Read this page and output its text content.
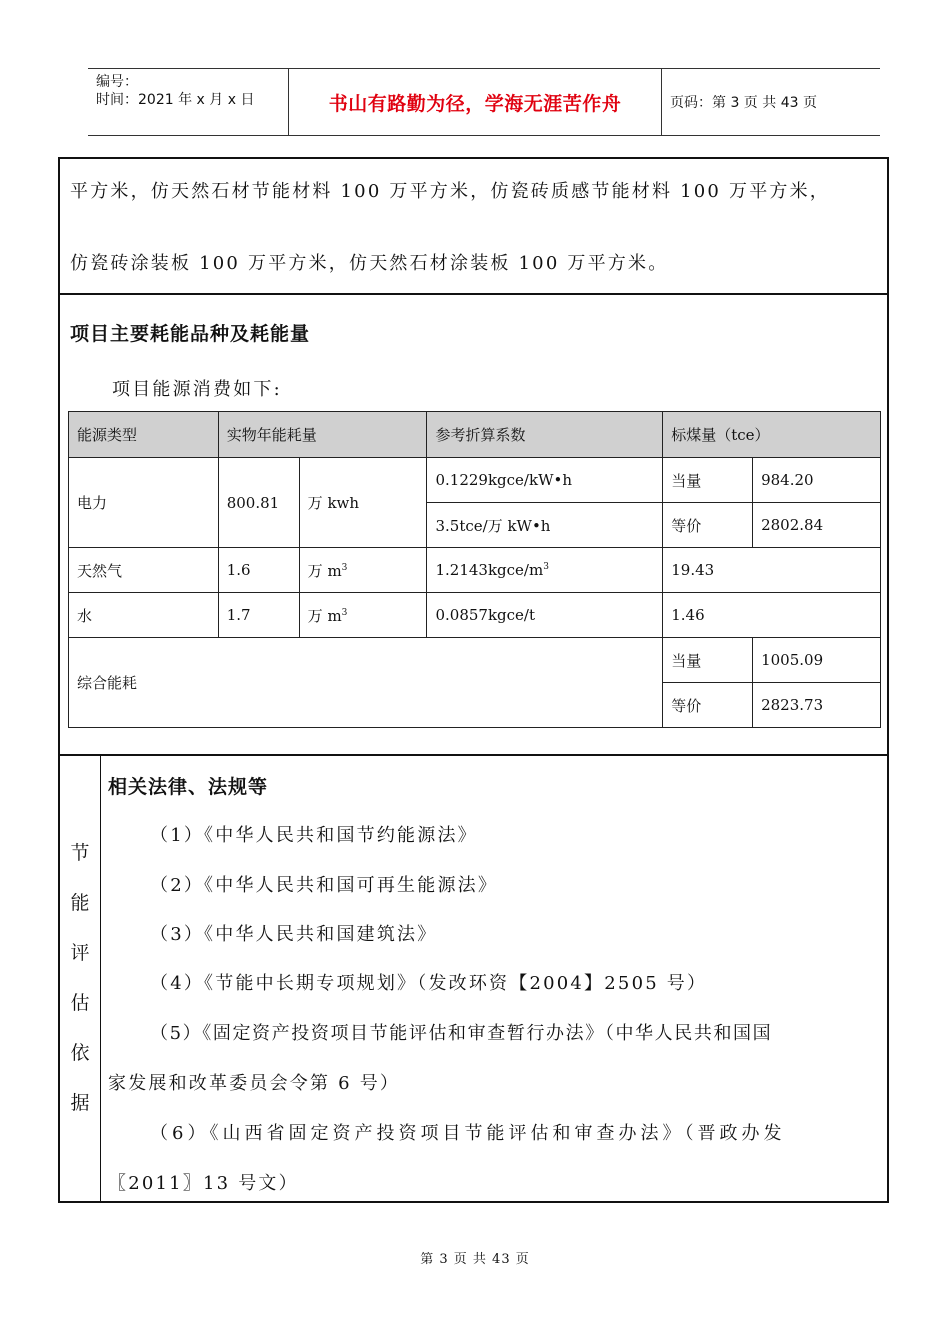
编号：
时间：2021 年 x 月 x 日	书山有路勤为径，学海无涯苦作舟	页码：第 3 页 共 43 页
平方米，仿天然石材节能材料 100 万平方米，仿瓷砖质感节能材料 100 万平方米，
仿瓷砖涂装板 100 万平方米，仿天然石材涂装板 100 万平方米。
项目主要耗能品种及耗能量
项目能源消费如下:
能源类型	实物年能耗量		参考折算系数	标煤量（tce）	
电力	800.81	万 kwh	0.1229kgce/kW•h	当量	984.20
			3.5tce/万 kW•h	等价	2802.84
天然气	1.6	万 $m^3$	$1.2143kgce/m^3$	19.43	
水	1.7	万 $m^3$	0.0857kgce/t	1.46	
综合能耗				当量	1005.09
				等价	2823.73
节
能
评
估
依
据
相关法律、法规等
（1）《中华人民共和国节约能源法》
（2）《中华人民共和国可再生能源法》
（3）《中华人民共和国建筑法》
（4）《节能中长期专项规划》（发改环资【2004】2505 号）
（5）《固定资产投资项目节能评估和审查暂行办法》（中华人民共和国国
家发展和改革委员会令第 6 号）
（6）《山西省固定资产投资项目节能评估和审查办法》（晋政办发
〖2011〗13 号文）
第 3 页 共 43 页
